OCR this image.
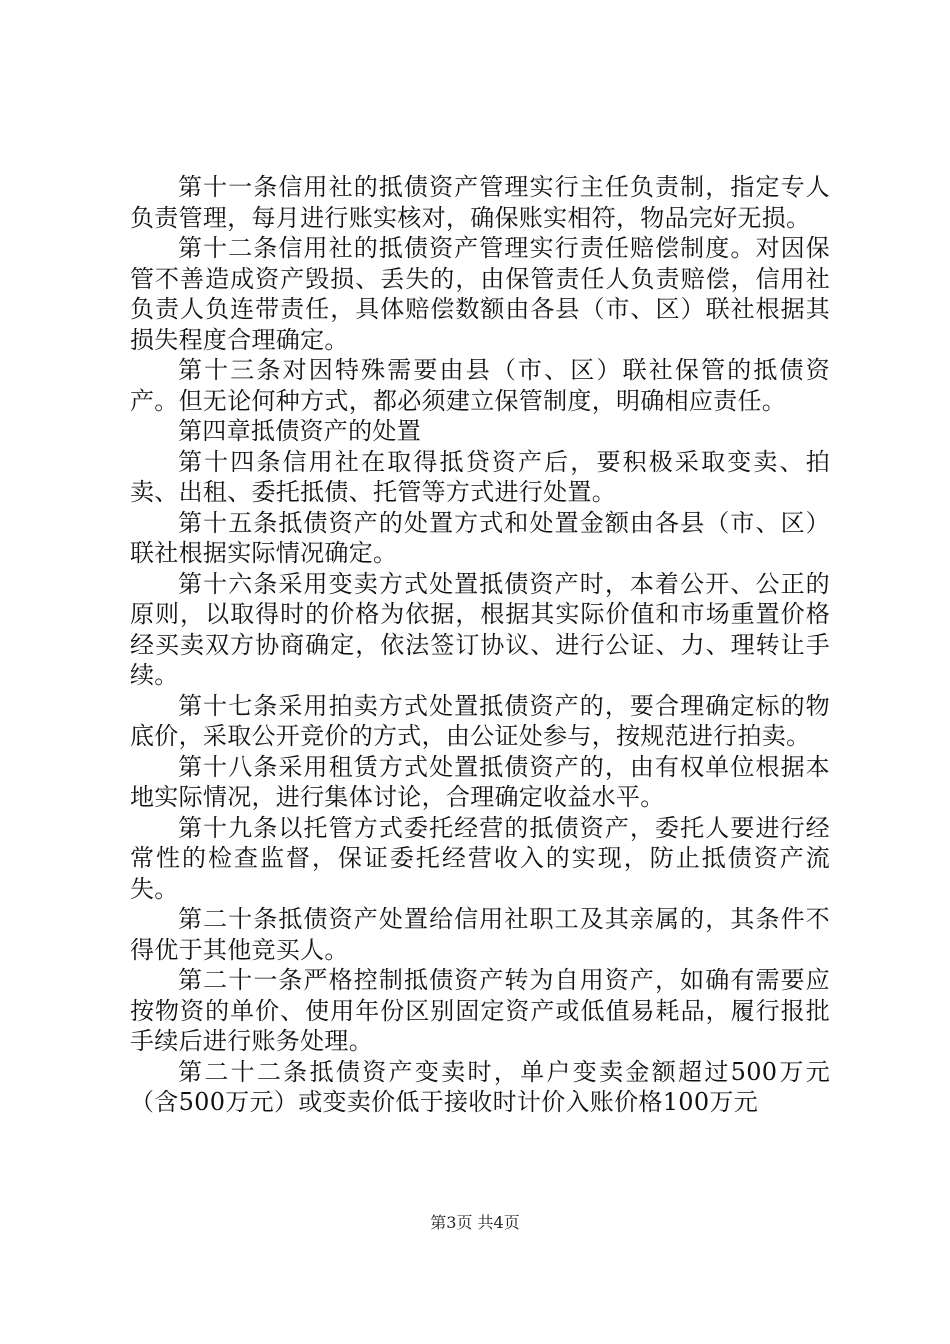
第十一条信用社的抵债资产管理实行主任负责制，指定专人负责管理，每月进行账实核对，确保账实相符，物品完好无损。

第十二条信用社的抵债资产管理实行责任赔偿制度。对因保管不善造成资产毁损、丢失的，由保管责任人负责赔偿，信用社负责人负连带责任，具体赔偿数额由各县（市、区）联社根据其损失程度合理确定。

第十三条对因特殊需要由县（市、区）联社保管的抵债资产。但无论何种方式，都必须建立保管制度，明确相应责任。

第四章抵债资产的处置

第十四条信用社在取得抵贷资产后，要积极采取变卖、拍卖、出租、委托抵债、托管等方式进行处置。

第十五条抵债资产的处置方式和处置金额由各县（市、区）联社根据实际情况确定。

第十六条采用变卖方式处置抵债资产时，本着公开、公正的原则，以取得时的价格为依据，根据其实际价值和市场重置价格经买卖双方协商确定，依法签订协议、进行公证、力、理转让手续。

第十七条采用拍卖方式处置抵债资产的，要合理确定标的物底价，采取公开竞价的方式，由公证处参与，按规范进行拍卖。

第十八条采用租赁方式处置抵债资产的，由有权单位根据本地实际情况，进行集体讨论，合理确定收益水平。

第十九条以托管方式委托经营的抵债资产，委托人要进行经常性的检查监督，保证委托经营收入的实现，防止抵债资产流失。

第二十条抵债资产处置给信用社职工及其亲属的，其条件不得优于其他竞买人。

第二十一条严格控制抵债资产转为自用资产，如确有需要应按物资的单价、使用年份区别固定资产或低值易耗品，履行报批手续后进行账务处理。

第二十二条抵债资产变卖时，单户变卖金额超过500万元（含500万元）或变卖价低于接收时计价入账价格100万元

第3页 共4页
